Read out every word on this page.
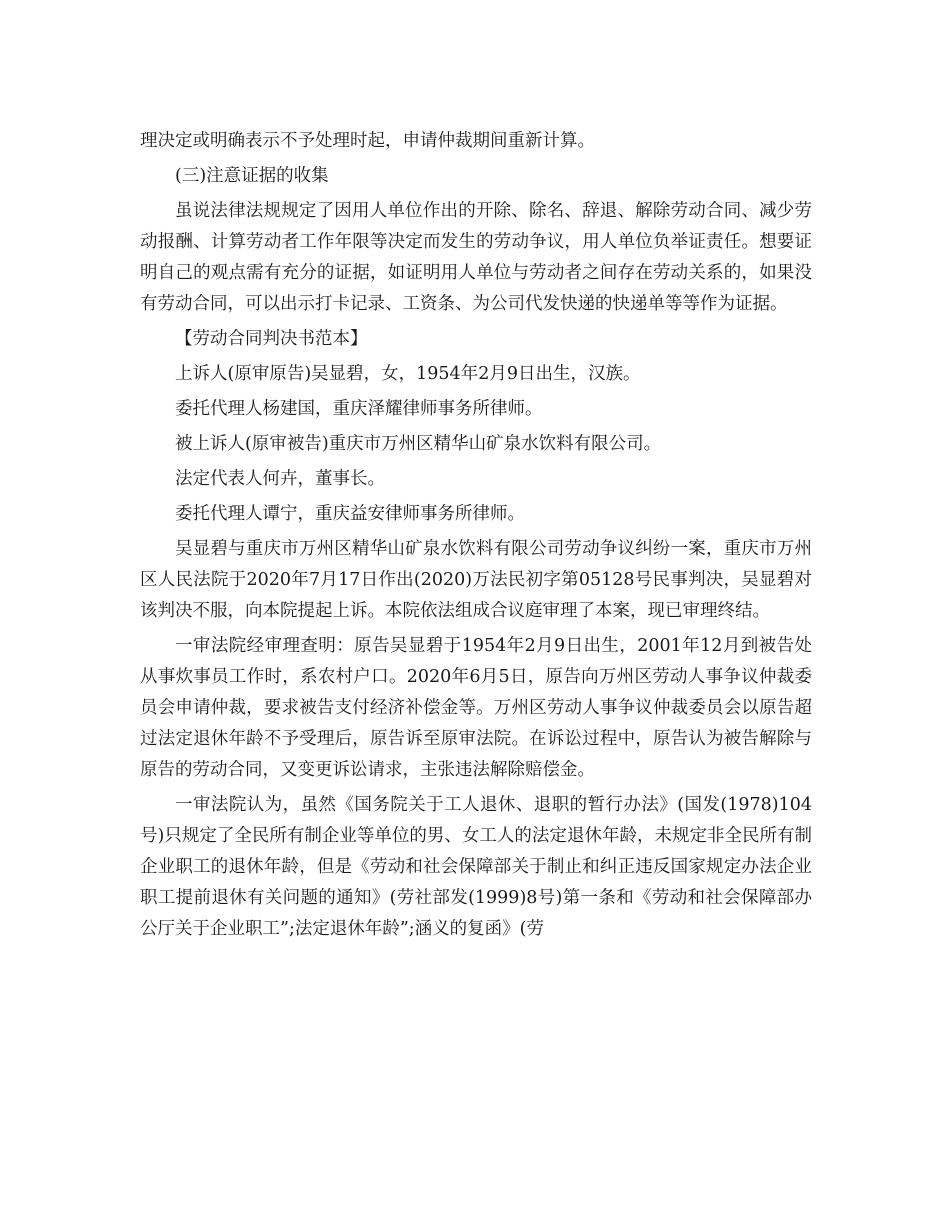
理决定或明确表示不予处理时起，申请仲裁期间重新计算。

(三)注意证据的收集

虽说法律法规规定了因用人单位作出的开除、除名、辞退、解除劳动合同、减少劳动报酬、计算劳动者工作年限等决定而发生的劳动争议，用人单位负举证责任。想要证明自己的观点需有充分的证据，如证明用人单位与劳动者之间存在劳动关系的，如果没有劳动合同，可以出示打卡记录、工资条、为公司代发快递的快递单等等作为证据。

【劳动合同判决书范本】

上诉人(原审原告)吴显碧，女，1954年2月9日出生，汉族。

委托代理人杨建国，重庆泽耀律师事务所律师。

被上诉人(原审被告)重庆市万州区精华山矿泉水饮料有限公司。

法定代表人何卉，董事长。

委托代理人谭宁，重庆益安律师事务所律师。

吴显碧与重庆市万州区精华山矿泉水饮料有限公司劳动争议纠纷一案，重庆市万州区人民法院于2020年7月17日作出(2020)万法民初字第05128号民事判决，吴显碧对该判决不服，向本院提起上诉。本院依法组成合议庭审理了本案，现已审理终结。

一审法院经审理查明：原告吴显碧于1954年2月9日出生，2001年12月到被告处从事炊事员工作时，系农村户口。2020年6月5日，原告向万州区劳动人事争议仲裁委员会申请仲裁，要求被告支付经济补偿金等。万州区劳动人事争议仲裁委员会以原告超过法定退休年龄不予受理后，原告诉至原审法院。在诉讼过程中，原告认为被告解除与原告的劳动合同，又变更诉讼请求，主张违法解除赔偿金。

一审法院认为，虽然《国务院关于工人退休、退职的暂行办法》(国发(1978)104号)只规定了全民所有制企业等单位的男、女工人的法定退休年龄，未规定非全民所有制企业职工的退休年龄，但是《劳动和社会保障部关于制止和纠正违反国家规定办法企业职工提前退休有关问题的通知》(劳社部发(1999)8号)第一条和《劳动和社会保障部办公厅关于企业职工”;法定退休年龄”;涵义的复函》(劳
